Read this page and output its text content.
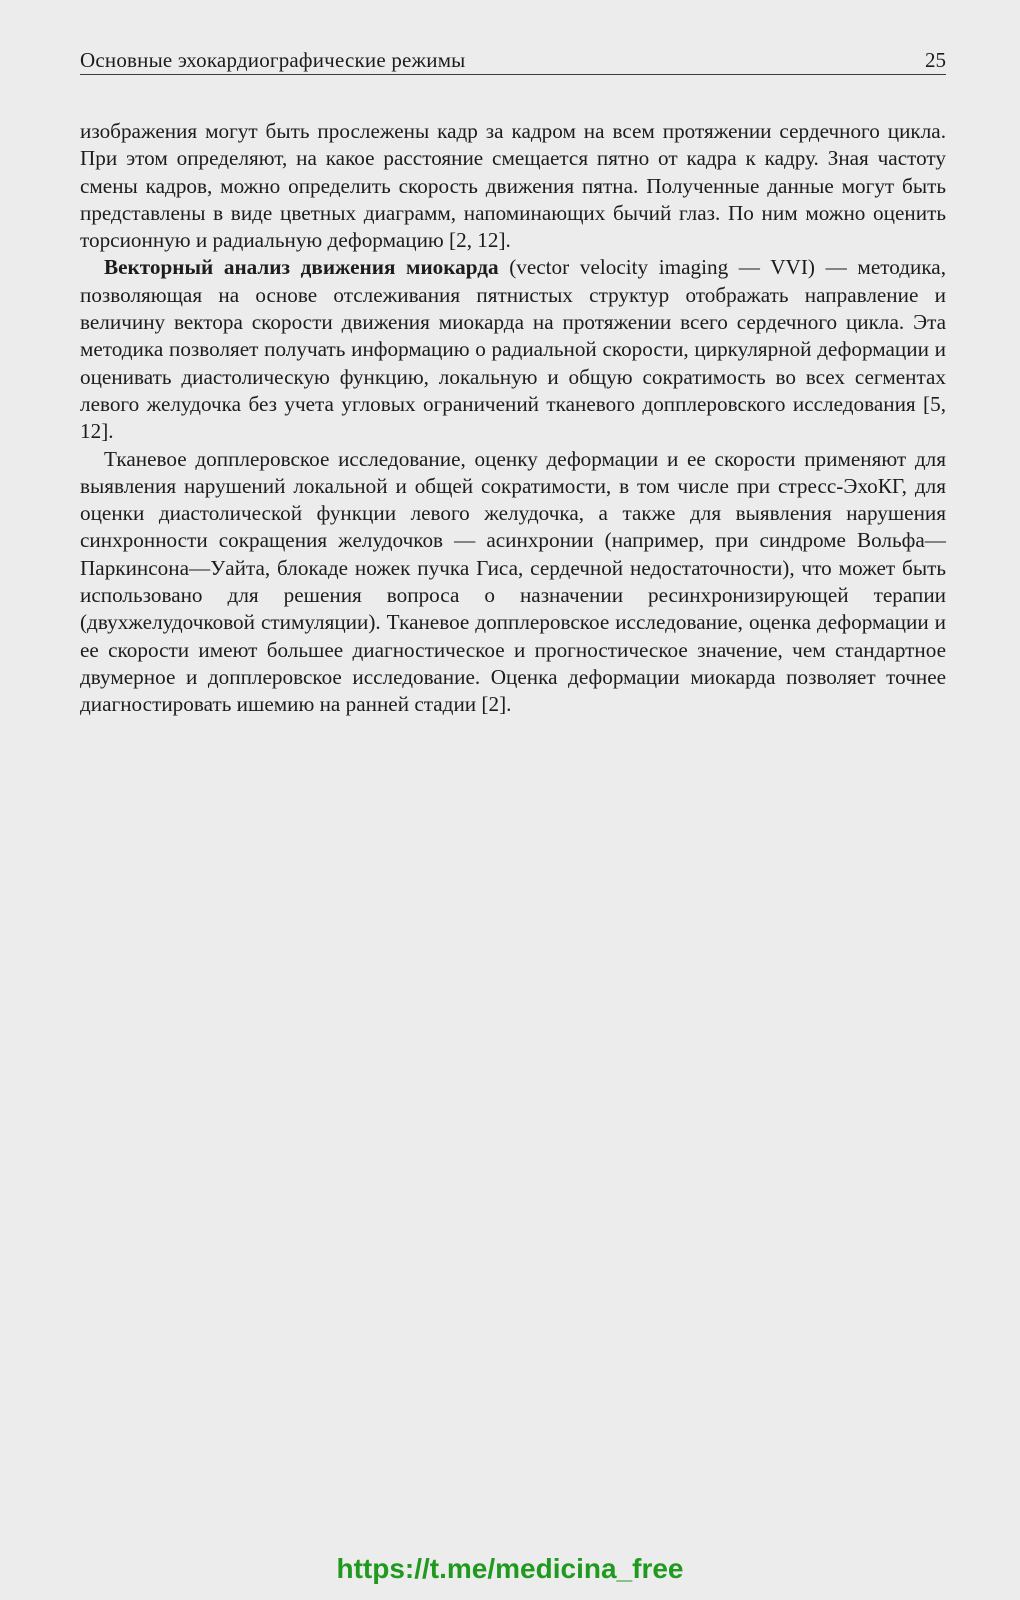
Основные эхокардиографические режимы	25

изображения могут быть прослежены кадр за кадром на всем протяжении сердечного цикла. При этом определяют, на какое расстояние смещается пятно от кадра к кадру. Зная частоту смены кадров, можно определить скорость движения пятна. Полученные данные могут быть представлены в виде цветных диаграмм, напоминающих бычий глаз. По ним можно оценить торсионную и радиальную деформацию [2, 12].

Векторный анализ движения миокарда (vector velocity imaging — VVI) — методика, позволяющая на основе отслеживания пятнистых структур отображать направление и величину вектора скорости движения миокарда на протяжении всего сердечного цикла. Эта методика позволяет получать информацию о радиальной скорости, циркулярной деформации и оценивать диастолическую функцию, локальную и общую сократимость во всех сегментах левого желудочка без учета угловых ограничений тканевого допплеровского исследования [5, 12].

Тканевое допплеровское исследование, оценку деформации и ее скорости применяют для выявления нарушений локальной и общей сократимости, в том числе при стресс-ЭхоКГ, для оценки диастолической функции левого желудочка, а также для выявления нарушения синхронности сокращения желудочков — асинхронии (например, при синдроме Вольфа—Паркинсона—Уайта, блокаде ножек пучка Гиса, сердечной недостаточности), что может быть использовано для решения вопроса о назначении ресинхронизирующей терапии (двухжелудочковой стимуляции). Тканевое допплеровское исследование, оценка деформации и ее скорости имеют большее диагностическое и прогностическое значение, чем стандартное двумерное и допплеровское исследование. Оценка деформации миокарда позволяет точнее диагностировать ишемию на ранней стадии [2].

https://t.me/medicina_free
